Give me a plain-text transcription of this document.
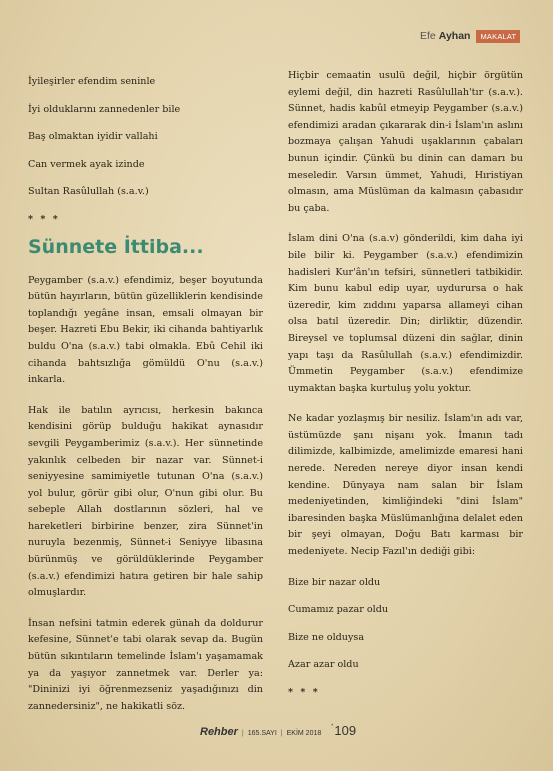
Efe Ayhan	MAKALAT

İyileşirler efendim seninle

İyi olduklarını zannedenler bile

Baş olmaktan iyidir vallahi

Can vermek ayak izinde

Sultan Rasûlullah (s.a.v.)

* * *

Sünnete İttiba...

Peygamber (s.a.v.) efendimiz, beşer boyutunda bütün hayırların, bütün güzelliklerin kendisinde toplandığı yegâne insan, emsali olmayan bir beşer. Hazreti Ebu Bekir, iki cihanda bahtiyarlık buldu O'na (s.a.v.) tabi olmakla. Ebû Cehil iki cihanda bahtsızlığa gömüldü O'nu (s.a.v.) inkarla.

Hak ile batılın ayrıcısı, herkesin bakınca kendisini görüp bulduğu hakikat aynasıdır sevgili Peygamberimiz (s.a.v.). Her sünnetinde yakınlık celbeden bir nazar var. Sünnet-i seniyyesine samimiyetle tutunan O'na (s.a.v.) yol bulur, görür gibi olur, O'nun gibi olur. Bu sebeple Allah dostlarının sözleri, hal ve hareketleri birbirine benzer, zira Sünnet'in nuruyla bezenmiş, Sünnet-i Seniyye libasına bürünmüş ve görüldüklerinde Peygamber (s.a.v.) efendimizi hatıra getiren bir hale sahip olmuşlardır.

İnsan nefsini tatmin ederek günah da doldurur kefesine, Sünnet'e tabi olarak sevap da. Bugün bütün sıkıntıların temelinde İslam'ı yaşamamak ya da yaşıyor zannetmek var. Derler ya: "Dininizi iyi öğrenmezseniz yaşadığınızı din zannedersiniz", ne hakikatli söz.

Hiçbir cemaatin usulü değil, hiçbir örgütün eylemi değil, din hazreti Rasûlullah'tır (s.a.v.). Sünnet, hadis kabûl etmeyip Peygamber (s.a.v.) efendimizi aradan çıkararak din-i İslam'ın aslını bozmaya çalışan Yahudi uşaklarının çabaları bunun içindir. Çünkü bu dinin can damarı bu meseledir. Varsın ümmet, Yahudi, Hıristiyan olmasın, ama Müslüman da kalmasın çabasıdır bu çaba.

İslam dini O'na (s.a.v) gönderildi, kim daha iyi bile bilir ki. Peygamber (s.a.v.) efendimizin hadisleri Kur'ân'ın tefsiri, sünnetleri tatbikidir. Kim bunu kabul edip uyar, uydurursa o hak üzeredir, kim zıddını yaparsa allameyi cihan olsa batıl üzeredir. Din; dirliktir, düzendir. Bireysel ve toplumsal düzeni din sağlar, dinin yapı taşı da Rasûlullah (s.a.v.) efendimizdir. Ümmetin Peygamber (s.a.v.) efendimize uymaktan başka kurtuluş yolu yoktur.

Ne kadar yozlaşmış bir nesiliz. İslam'ın adı var, üstümüzde şanı nişanı yok. İmanın tadı dilimizde, kalbimizde, amelimizde emaresi hani nerede. Nereden nereye diyor insan kendi kendine. Dünyaya nam salan bir İslam medeniyetinden, kimliğindeki "dini İslam" ibaresinden başka Müslümanlığına delalet eden bir şeyi olmayan, Doğu Batı karması bir medeniyete. Necip Fazıl'ın dediği gibi:

Bize bir nazar oldu

Cumamız pazar oldu

Bize ne olduysa

Azar azar oldu

* * *

Rehber | 165.SAYI | EKİM 2018
• 109
